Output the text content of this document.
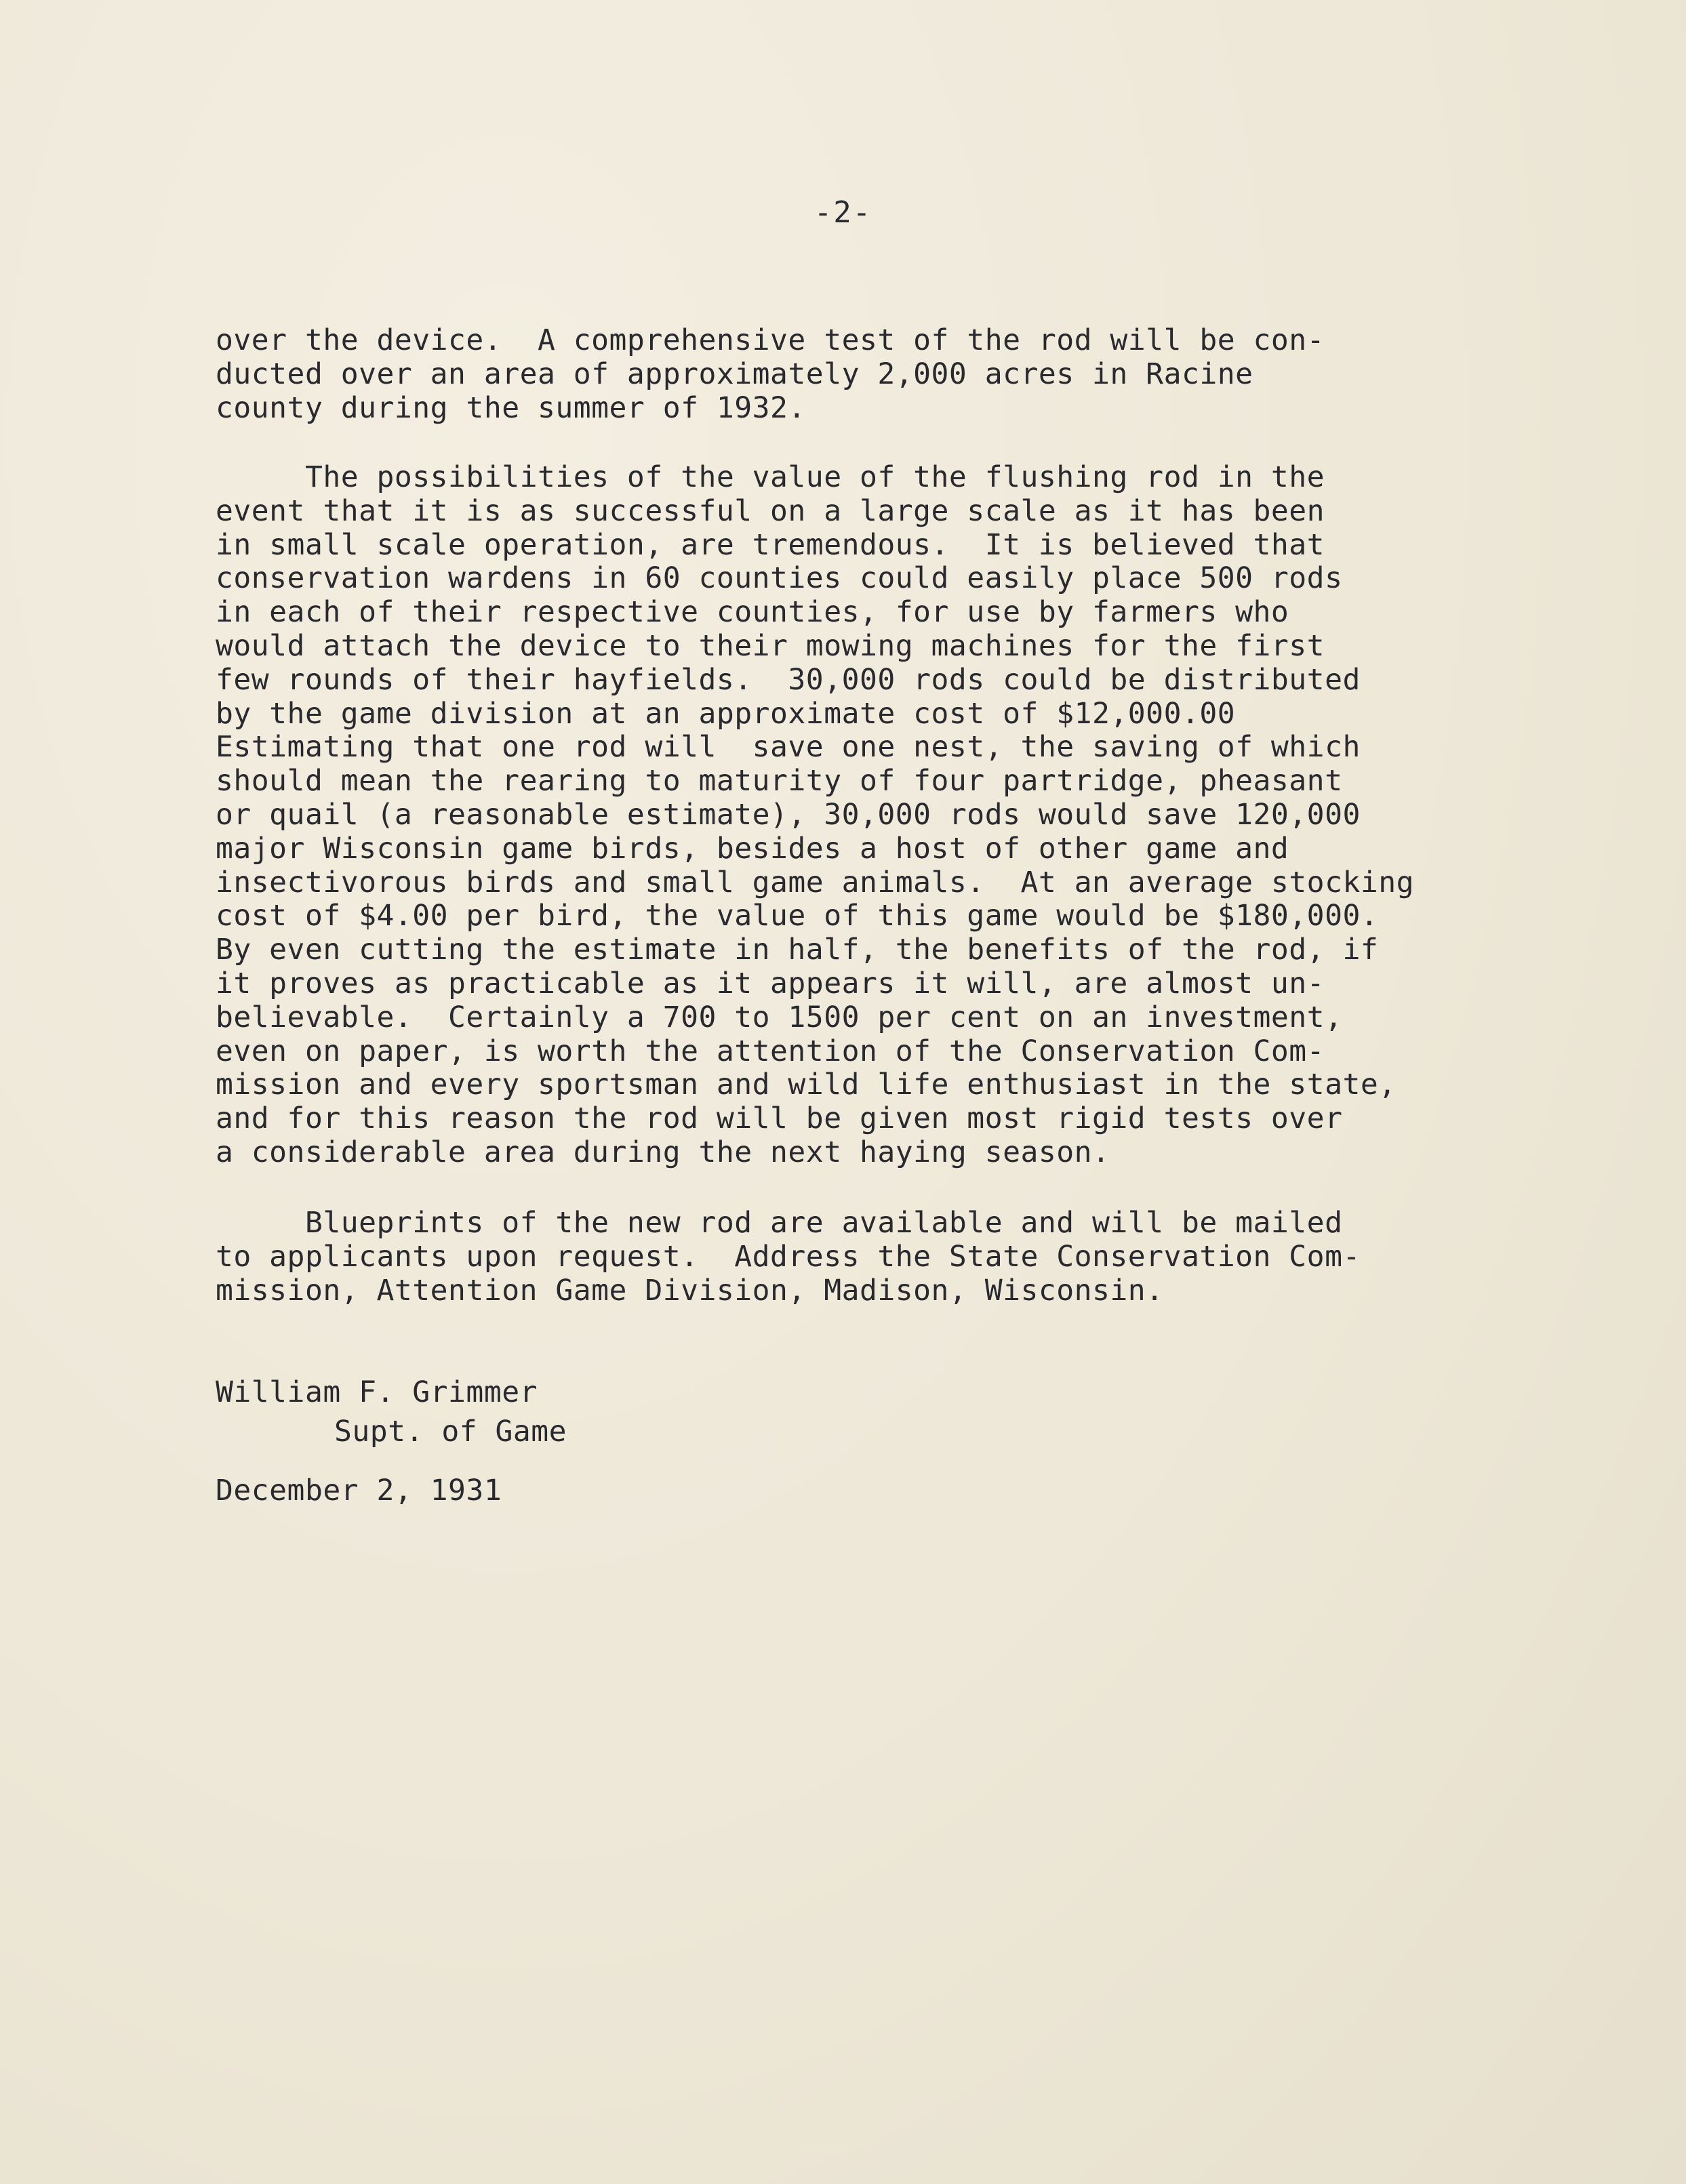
-2-
over the device.  A comprehensive test of the rod will be con-
ducted over an area of approximately 2,000 acres in Racine
county during the summer of 1932.
The possibilities of the value of the flushing rod in the
event that it is as successful on a large scale as it has been
in small scale operation, are tremendous.  It is believed that
conservation wardens in 60 counties could easily place 500 rods
in each of their respective counties, for use by farmers who
would attach the device to their mowing machines for the first
few rounds of their hayfields.  30,000 rods could be distributed
by the game division at an approximate cost of $12,000.00
Estimating that one rod will  save one nest, the saving of which
should mean the rearing to maturity of four partridge, pheasant
or quail (a reasonable estimate), 30,000 rods would save 120,000
major Wisconsin game birds, besides a host of other game and
insectivorous birds and small game animals.  At an average stocking
cost of $4.00 per bird, the value of this game would be $180,000.
By even cutting the estimate in half, the benefits of the rod, if
it proves as practicable as it appears it will, are almost un-
believable.  Certainly a 700 to 1500 per cent on an investment,
even on paper, is worth the attention of the Conservation Com-
mission and every sportsman and wild life enthusiast in the state,
and for this reason the rod will be given most rigid tests over
a considerable area during the next haying season.
Blueprints of the new rod are available and will be mailed
to applicants upon request.  Address the State Conservation Com-
mission, Attention Game Division, Madison, Wisconsin.
William F. Grimmer
Supt. of Game
December 2, 1931
